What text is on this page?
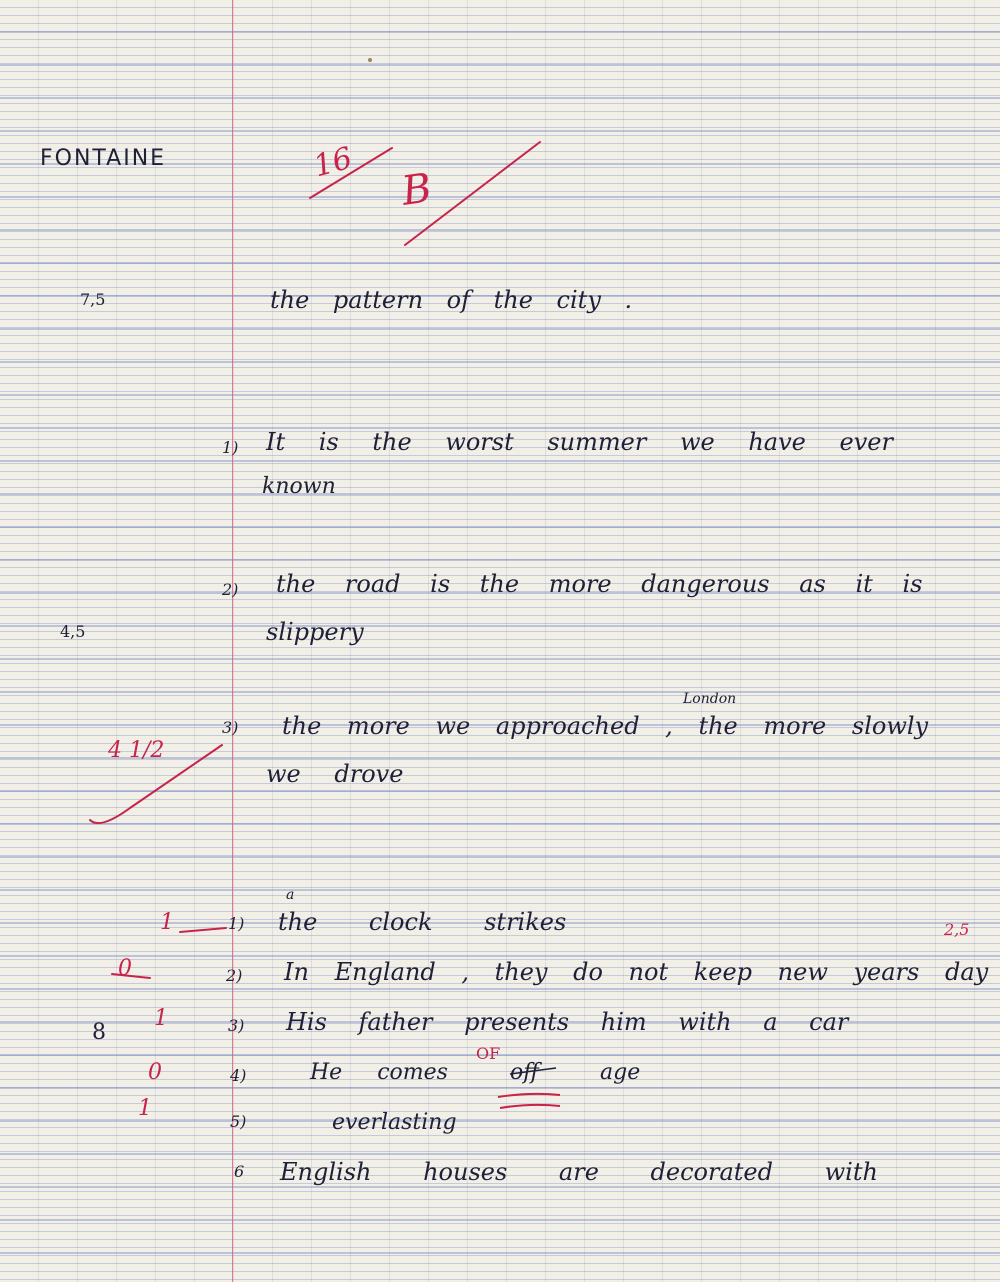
FONTAINE	16
B
7,5	the pattern of the city .
1) It is the worst summer we have ever
known
2) the road is the more dangerous as it is
slippery
4,5
London
3) the more we approached , the more slowly
we drove
4 1/2
2,5
1	1)
a
the clock strikes
0	2) In England , they do not keep new years day
8
1	3) His father presents him with a car
0	4)	He comes
OF
off	age
1
5)	everlasting
6 English houses are decorated with
